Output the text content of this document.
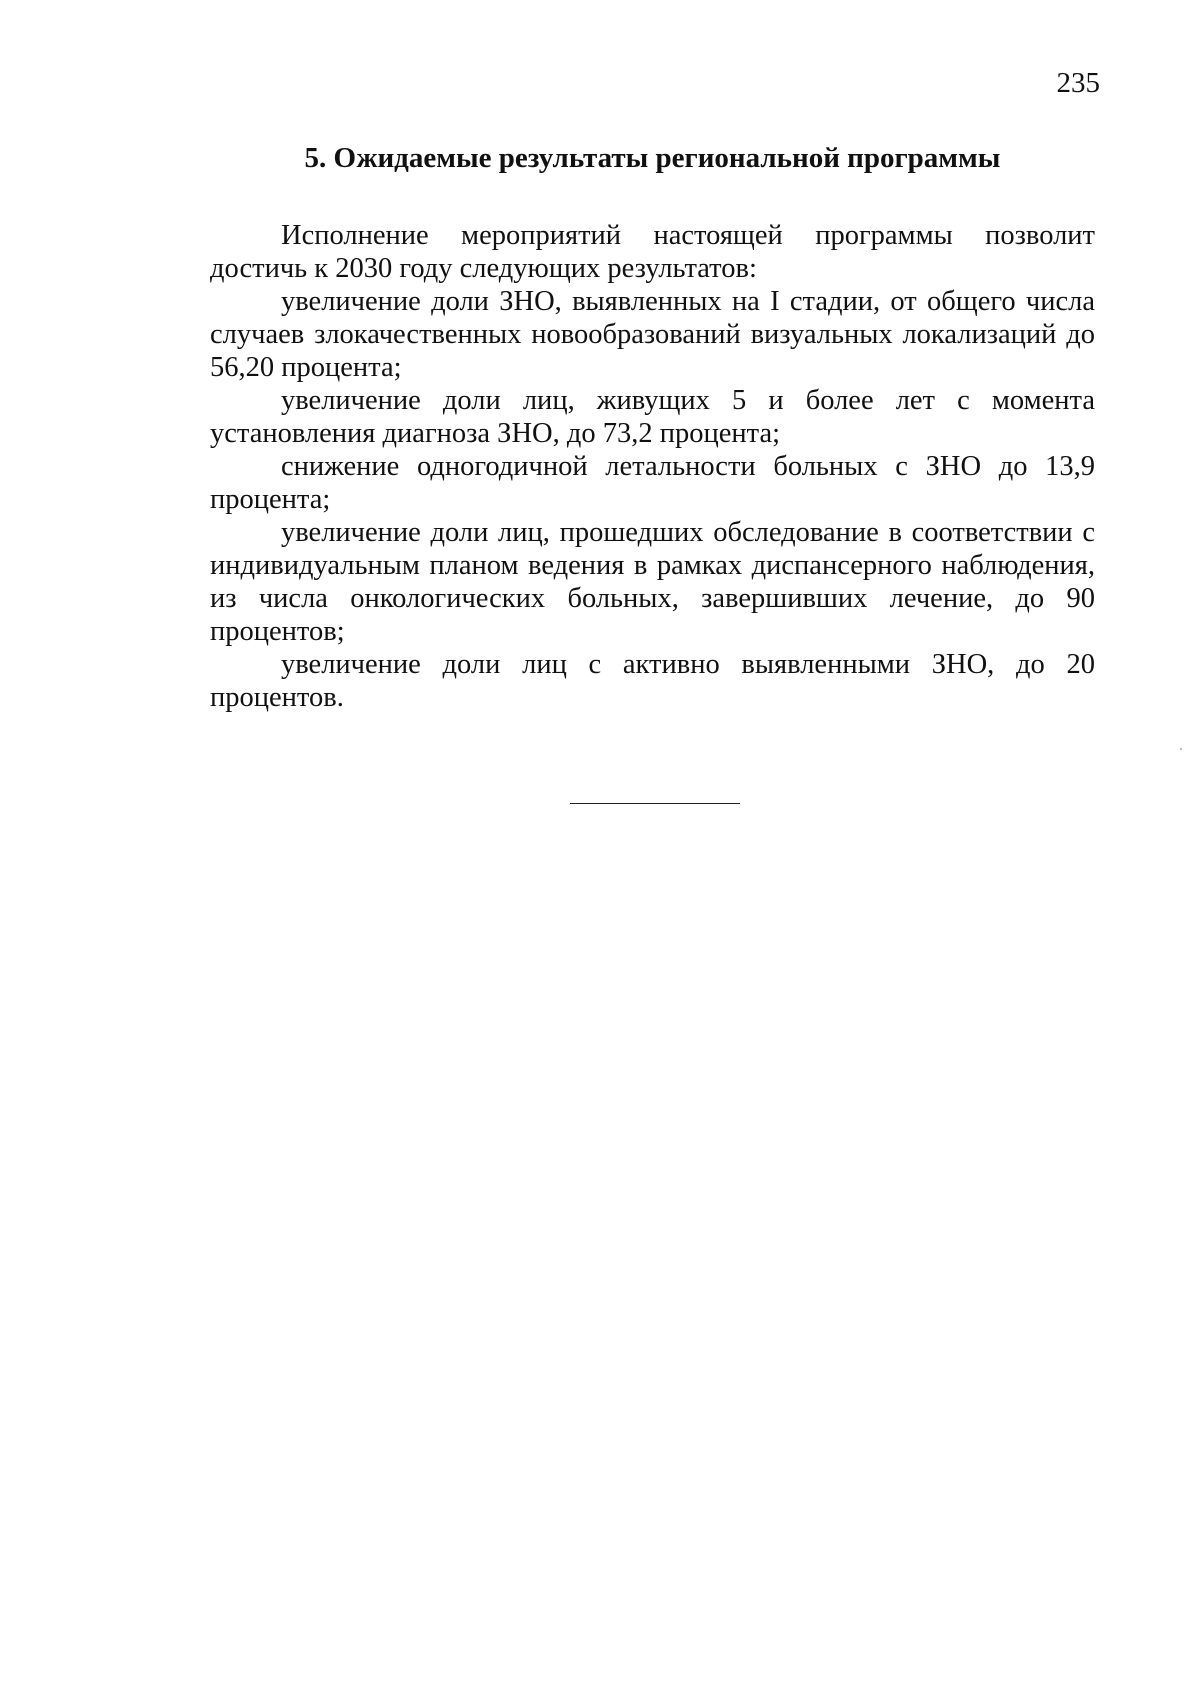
235
5. Ожидаемые результаты региональной программы

Исполнение мероприятий настоящей программы позволит достичь к 2030 году следующих результатов:

увеличение доли ЗНО, выявленных на I стадии, от общего числа случаев злокачественных новообразований визуальных локализаций до 56,20 процента;

увеличение доли лиц, живущих 5 и более лет с момента установления диагноза ЗНО, до 73,2 процента;

снижение одногодичной летальности больных с ЗНО до 13,9 процента;

увеличение доли лиц, прошедших обследование в соответствии с индивидуальным планом ведения в рамках диспансерного наблюдения, из числа онкологических больных, завершивших лечение, до 90 процентов;

увеличение доли лиц с активно выявленными ЗНО, до 20 процентов.
